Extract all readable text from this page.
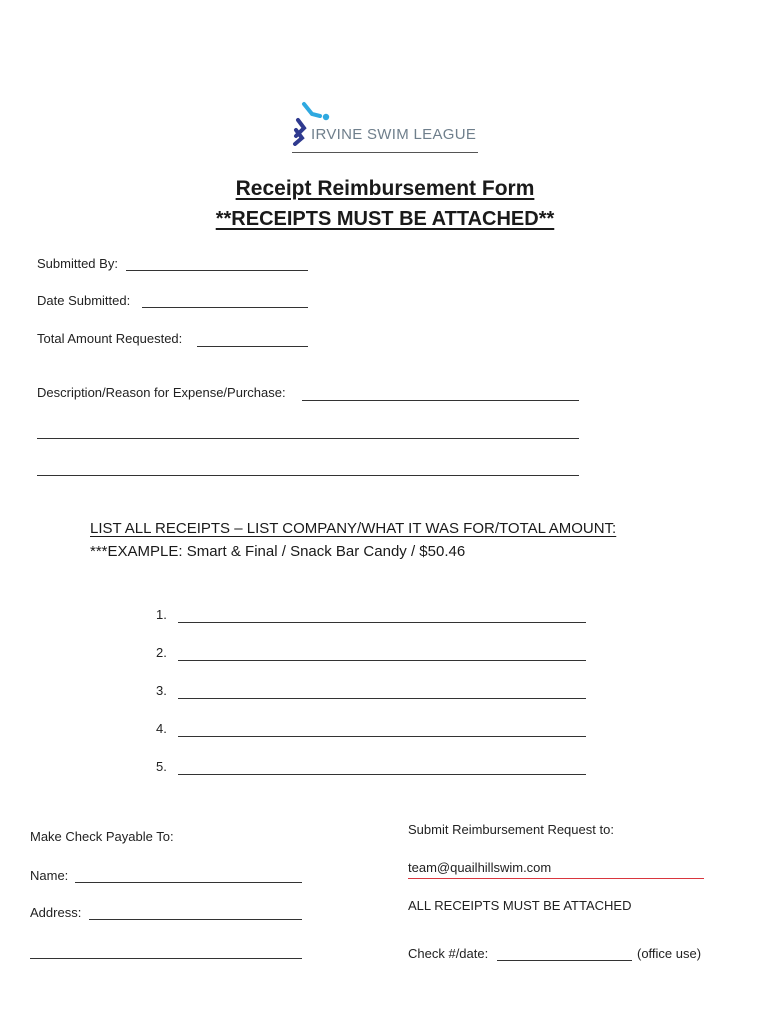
IRVINE SWIM LEAGUE
Receipt Reimbursement Form
**RECEIPTS MUST BE ATTACHED**
Submitted By:
Date Submitted:
Total Amount Requested:
Description/Reason for Expense/Purchase:
LIST ALL RECEIPTS – LIST COMPANY/WHAT IT WAS FOR/TOTAL AMOUNT:
***EXAMPLE: Smart & Final / Snack Bar Candy / $50.46
1.
2.
3.
4.
5.
Make Check Payable To:
Name:
Address:
Submit Reimbursement Request to:
team@quailhillswim.com
ALL RECEIPTS MUST BE ATTACHED
Check #/date:	(office use)
